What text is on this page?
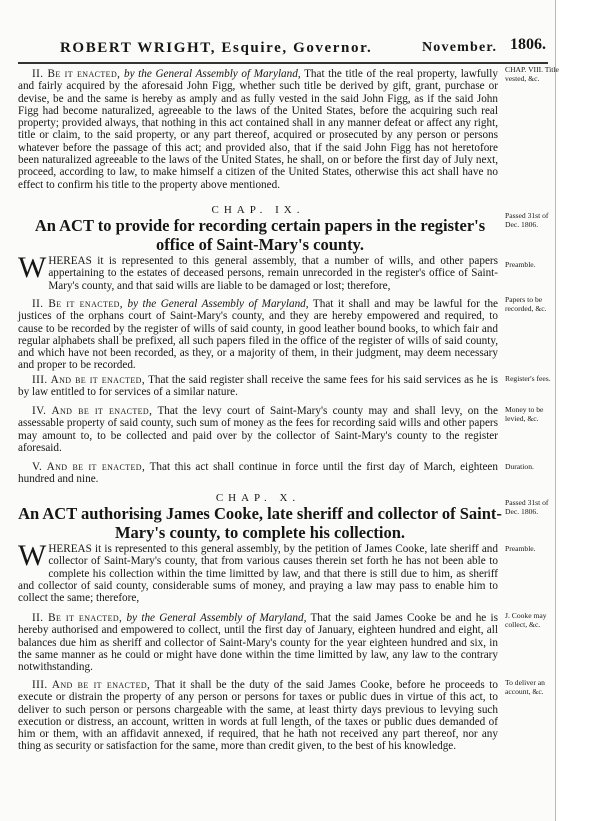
ROBERT WRIGHT, Esquire, Governor.	November. 1806.
II. Be it enacted, by the General Assembly of Maryland, That the title of the real property, lawfully and fairly acquired by the aforesaid John Figg, whether such title be derived by gift, grant, purchase or devise, be and the same is hereby as amply and as fully vested in the said John Figg, as if the said John Figg had become naturalized, agreeable to the laws of the United States, before the acquiring such real property; provided always, that nothing in this act contained shall in any manner defeat or affect any right, title or claim, to the said property, or any part thereof, acquired or prosecuted by any person or persons whatever before the passage of this act; and provided also, that if the said John Figg has not heretofore been naturalized agreeable to the laws of the United States, he shall, on or before the first day of July next, proceed, according to law, to make himself a citizen of the United States, otherwise this act shall have no effect to confirm his title to the property above mentioned.
CHAP. IX.
An ACT to provide for recording certain papers in the register's office of Saint-Mary's county.
W HEREAS it is represented to this general assembly, that a number of wills, and other papers appertaining to the estates of deceased persons, remain unrecorded in the register's office of Saint-Mary's county, and that said wills are liable to be damaged or lost; therefore,
II. Be it enacted, by the General Assembly of Maryland, That it shall and may be lawful for the justices of the orphans court of Saint-Mary's county, and they are hereby empowered and required, to cause to be recorded by the register of wills of said county, in good leather bound books, to which fair and regular alphabets shall be prefixed, all such papers filed in the office of the register of wills of said county, and which have not been recorded, as they, or a majority of them, in their judgment, may deem necessary and proper to be recorded.
III. And be it enacted, That the said register shall receive the same fees for his said services as he is by law entitled to for services of a similar nature.
IV. And be it enacted, That the levy court of Saint-Mary's county may and shall levy, on the assessable property of said county, such sum of money as the fees for recording said wills and other papers may amount to, to be collected and paid over by the collector of Saint-Mary's county to the register aforesaid.
V. And be it enacted, That this act shall continue in force until the first day of March, eighteen hundred and nine.
CHAP. X.
An ACT authorising James Cooke, late sheriff and collector of Saint-Mary's county, to complete his collection.
W HEREAS it is represented to this general assembly, by the petition of James Cooke, late sheriff and collector of Saint-Mary's county, that from various causes therein set forth he has not been able to complete his collection within the time limitted by law, and that there is still due to him, as sheriff and collector of said county, considerable sums of money, and praying a law may pass to enable him to collect the same; therefore,
II. Be it enacted, by the General Assembly of Maryland, That the said James Cooke be and he is hereby authorised and empowered to collect, until the first day of January, eighteen hundred and eight, all balances due him as sheriff and collector of Saint-Mary's county for the year eighteen hundred and six, in the same manner as he could or might have done within the time limitted by law, any law to the contrary notwithstanding.
III. And be it enacted, That it shall be the duty of the said James Cooke, before he proceeds to execute or distrain the property of any person or persons for taxes or public dues in virtue of this act, to deliver to such person or persons chargeable with the same, at least thirty days previous to levying such execution or distress, an account, written in words at full length, of the taxes or public dues demanded of him or them, with an affidavit annexed, if required, that he hath not received any part thereof, nor any thing as security or satisfaction for the same, more than credit given, to the best of his knowledge.
CHAP. VIII. Title vested, &c.
Passed 31st of Dec. 1806.
Preamble.
Papers to be recorded, &c.
Register's fees.
Money to be levied, &c.
Duration.
Passed 31st of Dec. 1806.
Preamble.
J. Cooke may collect, &c.
To deliver an account, &c.
